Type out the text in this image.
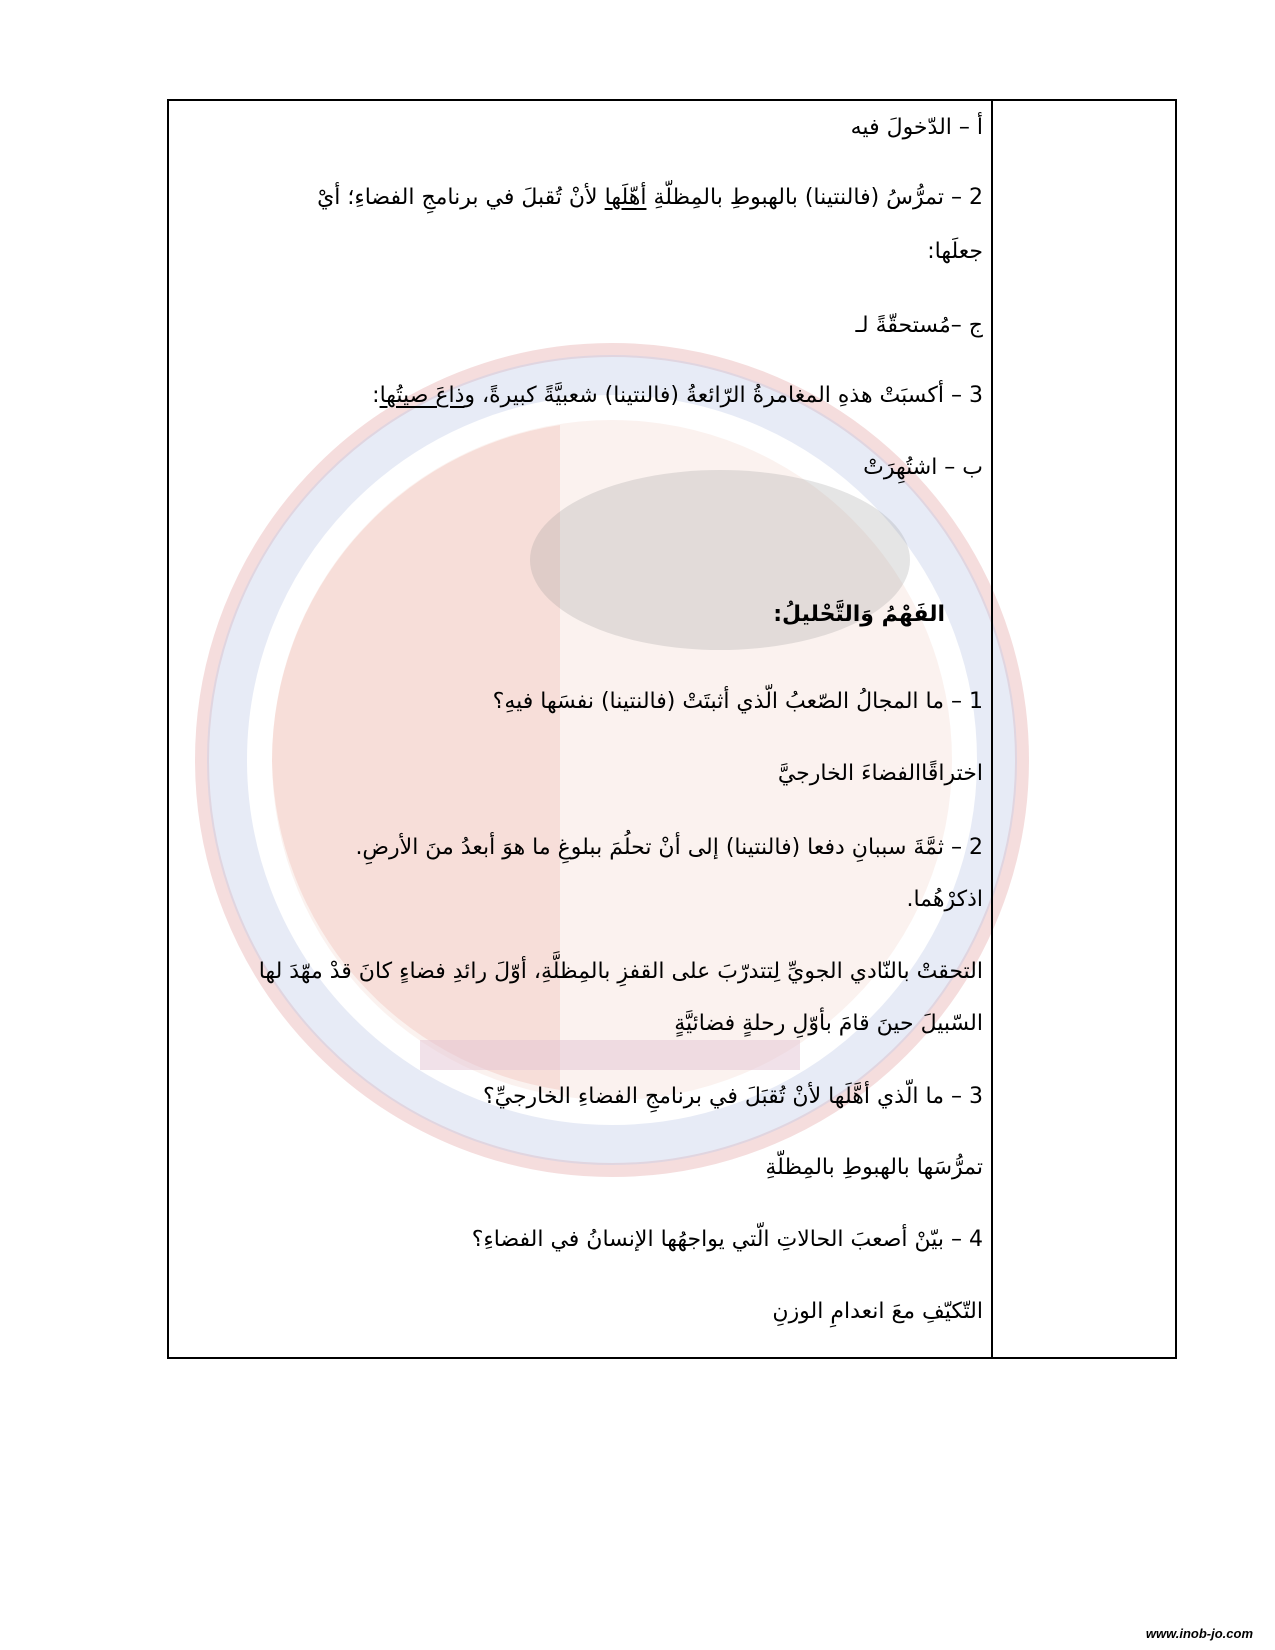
أ – الدّخولَ فيه
2 – تمرُّسُ (فالنتينا) بالهبوطِ بالمِظلّةِ أهّلَها لأنْ تُقبلَ في برنامجِ الفضاءِ؛ أيْ
جعلَها:
ج –مُستحقّةً لـ
3 – أكسبَتْ هذهِ المغامرةُ الرّائعةُ (فالنتينا) شعبيَّةً كبيرةً، وذاعَ صيتُها:
ب – اشتُهِرَتْ
الفَهْمُ وَالتَّحْليلُ:
1 – ما المجالُ الصّعبُ الّذي أثبتَتْ (فالنتينا) نفسَها فيهِ؟
اختراقًاالفضاءَ الخارجيَّ
2 – ثمَّةَ سببانِ دفعا (فالنتينا) إلى أنْ تحلُمَ ببلوغِ ما هوَ أبعدُ منَ الأرضِ.
اذكرْهُما.
التحقتْ بالنّادي الجويِّ لِتتدرّبَ على القفزِ بالمِظلَّةِ، أوّلَ رائدِ فضاءٍ كانَ قدْ مهّدَ لها
السّبيلَ حينَ قامَ بأوّلِ رحلةٍ فضائيَّةٍ
3 – ما الّذي أهَّلَها لأنْ تُقبَلَ في برنامجِ الفضاءِ الخارجيِّ؟
تمرُّسَها بالهبوطِ بالمِظلّةِ
4 – بيّنْ أصعبَ الحالاتِ الّتي يواجهُها الإنسانُ في الفضاءِ؟
التّكيّفِ معَ انعدامِ الوزنِ
www.inob-jo.com
